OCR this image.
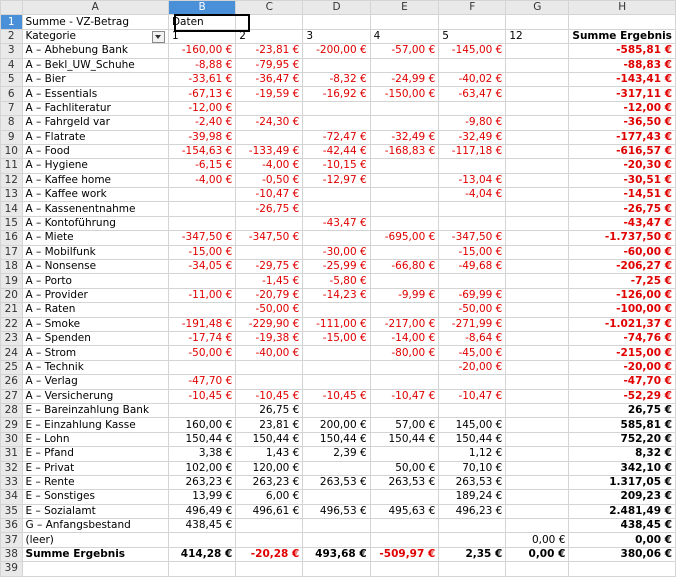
	A	B	C	D	E	F	G	H
1	Summe - VZ-Betrag	Daten						
2	Kategorie	1	2	3	4	5	12	Summe Ergebnis
3	A – Abhebung Bank	-160,00 €	-23,81 €	-200,00 €	-57,00 €	-145,00 €		-585,81 €
4	A – Bekl_UW_Schuhe	-8,88 €	-79,95 €					-88,83 €
5	A – Bier	-33,61 €	-36,47 €	-8,32 €	-24,99 €	-40,02 €		-143,41 €
6	A – Essentials	-67,13 €	-19,59 €	-16,92 €	-150,00 €	-63,47 €		-317,11 €
7	A – Fachliteratur	-12,00 €						-12,00 €
8	A – Fahrgeld var	-2,40 €	-24,30 €			-9,80 €		-36,50 €
9	A – Flatrate	-39,98 €		-72,47 €	-32,49 €	-32,49 €		-177,43 €
10	A – Food	-154,63 €	-133,49 €	-42,44 €	-168,83 €	-117,18 €		-616,57 €
11	A – Hygiene	-6,15 €	-4,00 €	-10,15 €				-20,30 €
12	A – Kaffee home	-4,00 €	-0,50 €	-12,97 €		-13,04 €		-30,51 €
13	A – Kaffee work		-10,47 €			-4,04 €		-14,51 €
14	A – Kassenentnahme		-26,75 €					-26,75 €
15	A – Kontoführung			-43,47 €				-43,47 €
16	A – Miete	-347,50 €	-347,50 €		-695,00 €	-347,50 €		-1.737,50 €
17	A – Mobilfunk	-15,00 €		-30,00 €		-15,00 €		-60,00 €
18	A – Nonsense	-34,05 €	-29,75 €	-25,99 €	-66,80 €	-49,68 €		-206,27 €
19	A – Porto		-1,45 €	-5,80 €				-7,25 €
20	A – Provider	-11,00 €	-20,79 €	-14,23 €	-9,99 €	-69,99 €		-126,00 €
21	A – Raten		-50,00 €			-50,00 €		-100,00 €
22	A – Smoke	-191,48 €	-229,90 €	-111,00 €	-217,00 €	-271,99 €		-1.021,37 €
23	A – Spenden	-17,74 €	-19,38 €	-15,00 €	-14,00 €	-8,64 €		-74,76 €
24	A – Strom	-50,00 €	-40,00 €		-80,00 €	-45,00 €		-215,00 €
25	A – Technik					-20,00 €		-20,00 €
26	A – Verlag	-47,70 €						-47,70 €
27	A – Versicherung	-10,45 €	-10,45 €	-10,45 €	-10,47 €	-10,47 €		-52,29 €
28	E – Bareinzahlung Bank		26,75 €					26,75 €
29	E – Einzahlung Kasse	160,00 €	23,81 €	200,00 €	57,00 €	145,00 €		585,81 €
30	E – Lohn	150,44 €	150,44 €	150,44 €	150,44 €	150,44 €		752,20 €
31	E – Pfand	3,38 €	1,43 €	2,39 €		1,12 €		8,32 €
32	E – Privat	102,00 €	120,00 €		50,00 €	70,10 €		342,10 €
33	E – Rente	263,23 €	263,23 €	263,53 €	263,53 €	263,53 €		1.317,05 €
34	E – Sonstiges	13,99 €	6,00 €			189,24 €		209,23 €
35	E – Sozialamt	496,49 €	496,61 €	496,53 €	495,63 €	496,23 €		2.481,49 €
36	G – Anfangsbestand	438,45 €						438,45 €
37	(leer)						0,00 €	0,00 €
38	Summe Ergebnis	414,28 €	-20,28 €	493,68 €	-509,97 €	2,35 €	0,00 €	380,06 €
39								
